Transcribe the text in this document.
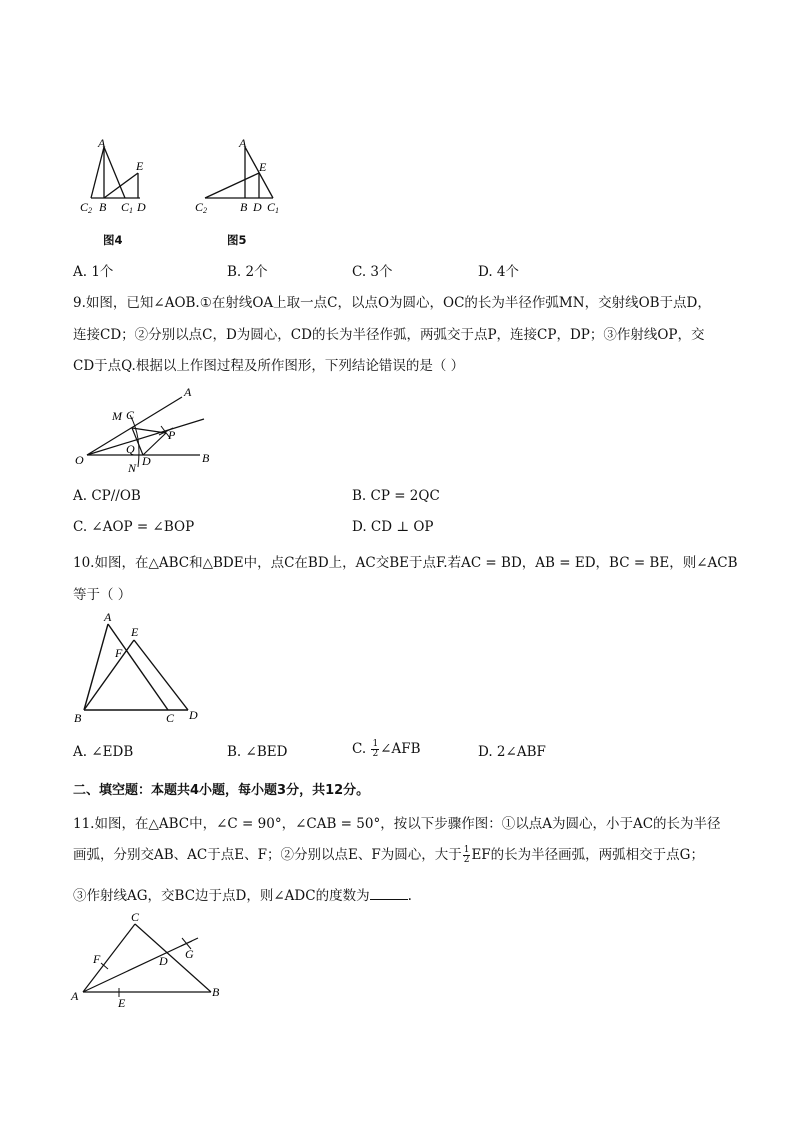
A
E
C2 B C1 D
图4
A
E
C2	B D C1
图5
A. 1个	B. 2个	C. 3个	D. 4个
9.如图，已知∠AOB.①在射线OA上取一点C，以点O为圆心，OC的长为半径作弧MN，交射线OB于点D，
连接CD；②分别以点C，D为圆心，CD的长为半径作弧，两弧交于点P，连接CP，DP；③作射线OP，交
CD于点Q.根据以上作图过程及所作图形，下列结论错误的是（ ）
A
M C
P
Q
O
N D	B
A. CP//OB	B. CP = 2QC
C. ∠AOP = ∠BOP	D. CD ⊥ OP
10.如图，在△ABC和△BDE中，点C在BD上，AC交BE于点F.若AC = BD，AB = ED，BC = BE，则∠ACB
等于（ ）
A
E
F
B	C D
A. ∠EDB	B. ∠BED	C. $\frac{1}{2}$ ∠AFB	D. 2∠ABF
二、填空题：本题共4小题，每小题3分，共12分。
11.如图，在△ABC中，∠C = 90°，∠CAB = 50°，按以下步骤作图：①以点A为圆心，小于AC的长为半径
画弧，分别交AB、AC于点E、F；②分别以点E、F为圆心，大于 $\frac{1}{2}$ EF的长为半径画弧，两弧相交于点G；
③作射线AG，交BC边于点D，则∠ADC的度数为	.
C
F	D G
A	E
B
